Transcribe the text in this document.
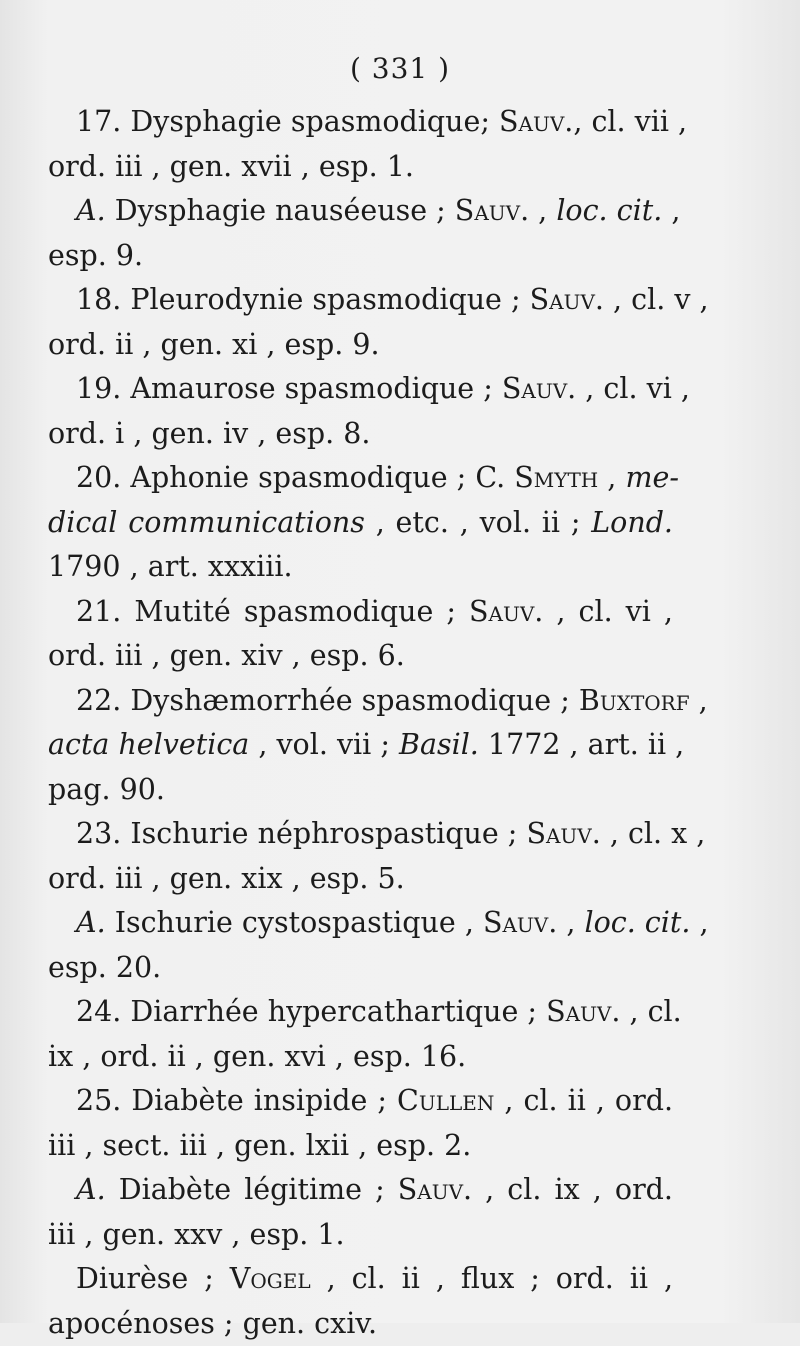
( 331 )
17. Dysphagie spasmodique; Sauv., cl. vii ,
ord. iii , gen. xvii , esp. 1.
A. Dysphagie nauséeuse ; Sauv. , loc. cit. ,
esp. 9.
18. Pleurodynie spasmodique ; Sauv. , cl. v ,
ord. ii , gen. xi , esp. 9.
19. Amaurose spasmodique ; Sauv. , cl. vi ,
ord. i , gen. iv , esp. 8.
20. Aphonie spasmodique ; C. Smyth , me-
dical communications , etc. , vol. ii ; Lond.
1790 , art. xxxiii.
21. Mutité spasmodique ; Sauv. , cl. vi ,
ord. iii , gen. xiv , esp. 6.
22. Dyshæmorrhée spasmodique ; Buxtorf ,
acta helvetica , vol. vii ; Basil. 1772 , art. ii ,
pag. 90.
23. Ischurie néphrospastique ; Sauv. , cl. x ,
ord. iii , gen. xix , esp. 5.
A. Ischurie cystospastique , Sauv. , loc. cit. ,
esp. 20.
24. Diarrhée hypercathartique ; Sauv. , cl.
ix , ord. ii , gen. xvi , esp. 16.
25. Diabète insipide ; Cullen , cl. ii , ord.
iii , sect. iii , gen. lxii , esp. 2.
A. Diabète légitime ; Sauv. , cl. ix , ord.
iii , gen. xxv , esp. 1.
Diurèse ; Vogel , cl. ii , flux ; ord. ii ,
apocénoses ; gen. cxiv.
